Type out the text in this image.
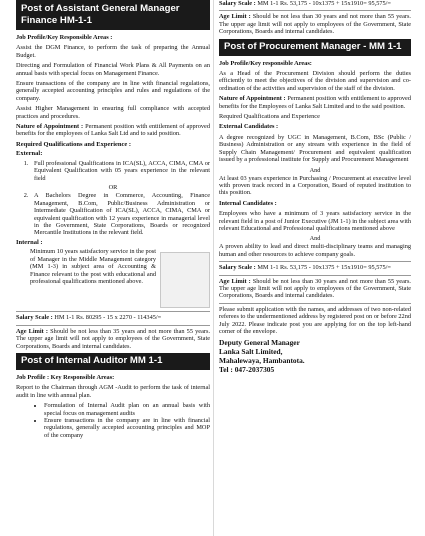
Post of Assistant General Manager Finance HM-1-1

Job Profile/Key Responsible Areas :

Assist the DGM Finance, to perform the task of preparing the Annual Budget.

Directing and Formulation of Financial Work Plans & All Payments on an annual basis with special focus on Management Finance.

Ensure transactions of the company are in line with financial regulations, generally accepted accounting principles and rules and regulations of the company.

Assist Higher Management in ensuring full compliance with accepted practices and procedures.

Nature of Appointment : Permanent position with entitlement of approved benefits for the employees of Lanka Salt Ltd and to said position.

Required Qualifications and Experience :

External:

1. Full professional Qualifications in ICA(SL), ACCA, CIMA, CMA or Equivalent Qualification with 05 years experience in the relevant field

OR

2. A Bachelors Degree in Commerce, Accounting, Finance Management, B.Com, Public/Business Administration or Intermediate Qualification of ICA(SL), ACCA, CIMA, CMA or equivalent qualification with 12 years experience in managerial level in the Government, State Corporations, Boards or recognized Mercantile Institutions in the relevant field.

Internal :

Minimum 10 years satisfactory service in the post of Manager in the Middle Management category (MM 1-3) in subject area of Accounting & Finance relevant to the post with educational and professional qualifications mentioned above.

Salary Scale : HM 1-1 Rs. 80295 - 15 x 2270 - 114345/=

Age Limit : Should be not less than 35 years and not more than 55 years. The upper age limit will not apply to employees of the Government, State Corporations, Boards and internal candidates.

Post of Internal Auditor MM 1-1

Job Profile : Key Responsible Areas:

Report to the Chairman through AGM -Audit to perform the task of internal audit in line with annual plan.

• Formulation of Internal Audit plan on an annual basis with special focus on management audits
• Ensure transactions in the company are in line with financial regulations, generally accepted accounting principles and MOP of the company

Salary Scale : MM 1-1 Rs. 53,175 - 10x1375 + 15x1910= 95,575/=

Age Limit : Should be not less than 30 years and not more than 55 years. The upper age limit will not apply to employees of the Government, State Corporations, Boards and internal candidates.

Post of Procurement Manager - MM 1-1

Job Profile/Key responsible Areas:

As a Head of the Procurement Division should perform the duties efficiently to meet the objectives of the division and supervision and co-ordination of the activities and supervision of the staff of the division.

Nature of Appointment : Permanent position with entitlement to approved benefits for the Employees of Lanka Salt Limited and to the said position.

Required Qualifications and Experience

External Candidates :

A degree recognized by UGC in Management, B.Com, BSc (Public / Business) Administration or any stream with experience in the field of Supply Chain Management/ Procurement and equivalent qualification issued by a professional institute for Supply and Procurement Management

And

At least 03 years experience in Purchasing / Procurement at executive level with proven track record in a Corporation, Board of reputed institution to this position.

Internal Candidates :

Employees who have a minimum of 3 years satisfactory service in the relevant field in a post of Junior Executive (JM 1-1) in the subject area with relevant Educational and Professional qualifications mentioned above

And

A proven ability to lead and direct multi-disciplinary teams and managing human and other resources to achieve company goals.

Salary Scale : MM 1-1 Rs. 53,175 - 10x1375 + 15x1910= 95,575/=

Age Limit : Should be not less than 30 years and not more than 55 years. The upper age limit will not apply to employees of the Government, State Corporations, Boards and internal candidates.

Please submit application with the names, and addresses of two non-related referees to the undermentioned address by registered post on or before 22nd July 2022. Please indicate post you are applying for on the top left-hand corner of the envelope.

Deputy General Manager

Lanka Salt Limited,

Mahalewaya, Hambantota.

Tel : 047-2037305
